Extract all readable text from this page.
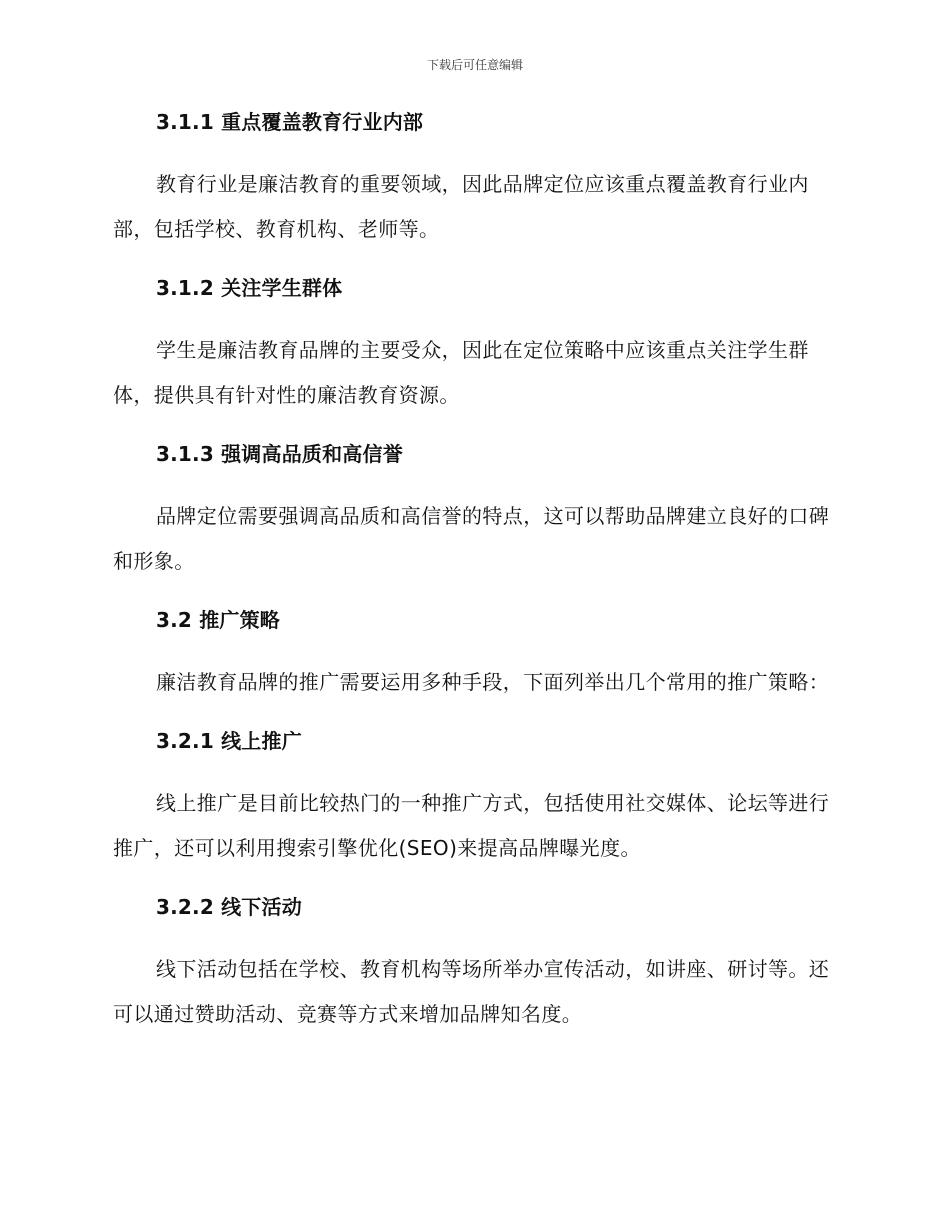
下载后可任意编辑
3.1.1 重点覆盖教育行业内部

教育行业是廉洁教育的重要领域，因此品牌定位应该重点覆盖教育行业内部，包括学校、教育机构、老师等。

3.1.2 关注学生群体

学生是廉洁教育品牌的主要受众，因此在定位策略中应该重点关注学生群体，提供具有针对性的廉洁教育资源。

3.1.3 强调高品质和高信誉

品牌定位需要强调高品质和高信誉的特点，这可以帮助品牌建立良好的口碑和形象。

3.2 推广策略

廉洁教育品牌的推广需要运用多种手段，下面列举出几个常用的推广策略：

3.2.1 线上推广

线上推广是目前比较热门的一种推广方式，包括使用社交媒体、论坛等进行推广，还可以利用搜索引擎优化(SEO)来提高品牌曝光度。

3.2.2 线下活动

线下活动包括在学校、教育机构等场所举办宣传活动，如讲座、研讨等。还可以通过赞助活动、竞赛等方式来增加品牌知名度。
